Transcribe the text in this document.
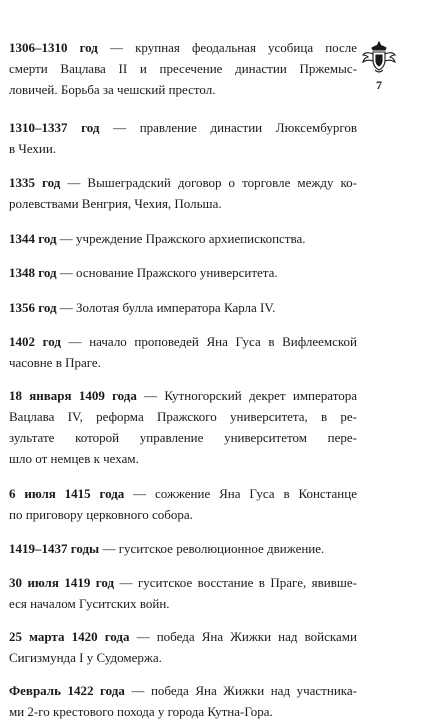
1306–1310 год — крупная феодальная усобица после
смерти Вацлава II и пресечение династии Пржемыс-
ловичей. Борьба за чешский престол.
1310–1337 год — правление династии Люксембургов
в Чехии.
1335 год — Вышеградский договор о торговле между ко-
ролевствами Венгрия, Чехия, Польша.
1344 год — учреждение Пражского архиепископства.
1348 год — основание Пражского университета.
1356 год — Золотая булла императора Карла IV.
1402 год — начало проповедей Яна Гуса в Вифлеемской
часовне в Праге.
18 января 1409 года — Кутногорский декрет императора
Вацлава IV, реформа Пражского университета, в ре-
зультате которой управление университетом пере-
шло от немцев к чехам.
6 июля 1415 года — сожжение Яна Гуса в Констанце
по приговору церковного собора.
1419–1437 годы — гуситское революционное движение.
30 июля 1419 год — гуситское восстание в Праге, явивше-
еся началом Гуситских войн.
25 марта 1420 года — победа Яна Жижки над войсками
Сигизмунда I у Судомержа.
Февраль 1422 года — победа Яна Жижки над участника-
ми 2-го крестового похода у города Кутна-Гора.
7
